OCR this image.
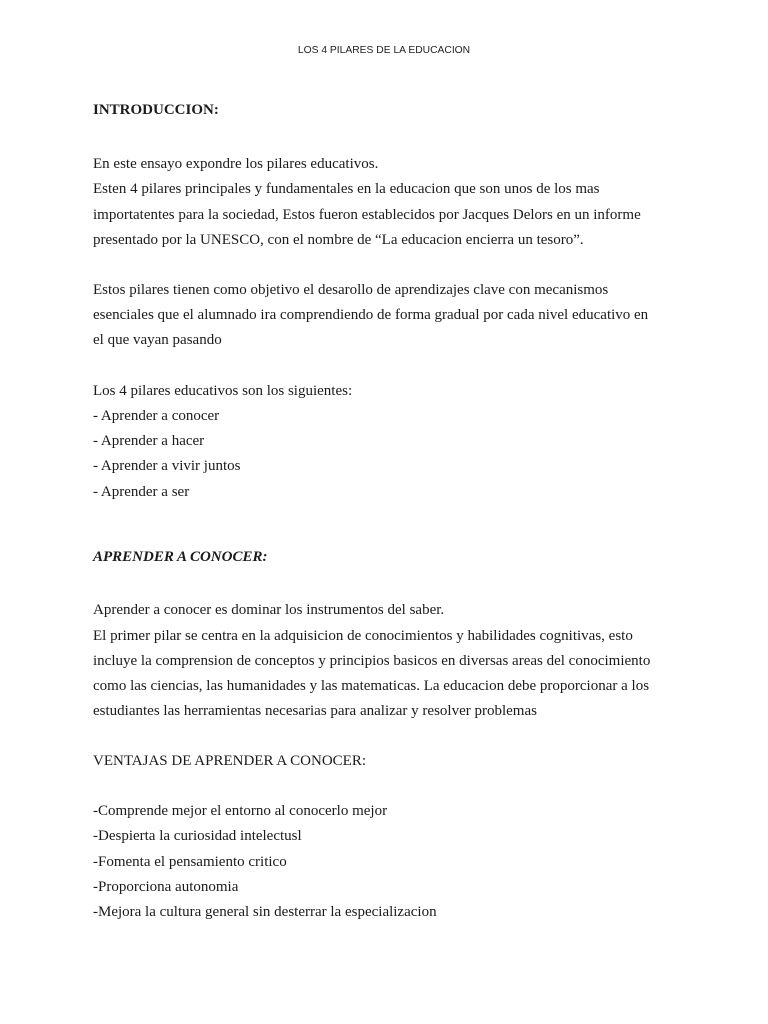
LOS 4 PILARES DE LA EDUCACION
INTRODUCCION:
En este ensayo expondre los pilares educativos.
Esten 4 pilares principales y fundamentales en la educacion que son unos de los mas
importatentes para la sociedad, Estos fueron establecidos por Jacques Delors en un informe
presentado por la UNESCO, con el nombre de “La educacion encierra un tesoro”.
Estos pilares tienen como objetivo el desarollo de aprendizajes clave con mecanismos
esenciales que el alumnado ira comprendiendo de forma gradual por cada nivel educativo en
el que vayan pasando
Los 4 pilares educativos son los siguientes:
- Aprender a conocer
- Aprender a hacer
- Aprender a vivir juntos
- Aprender a ser
APRENDER A CONOCER:
Aprender a conocer es dominar los instrumentos del saber.
El primer pilar se centra en la adquisicion de conocimientos y habilidades cognitivas, esto
incluye la comprension de conceptos y principios basicos en diversas areas del conocimiento
como las ciencias, las humanidades y las matematicas. La educacion debe proporcionar a los
estudiantes las herramientas necesarias para analizar y resolver problemas
VENTAJAS DE APRENDER A CONOCER:
-Comprende mejor el entorno al conocerlo mejor
-Despierta la curiosidad intelectusl
-Fomenta el pensamiento critico
-Proporciona autonomia
-Mejora la cultura general sin desterrar la especializacion
